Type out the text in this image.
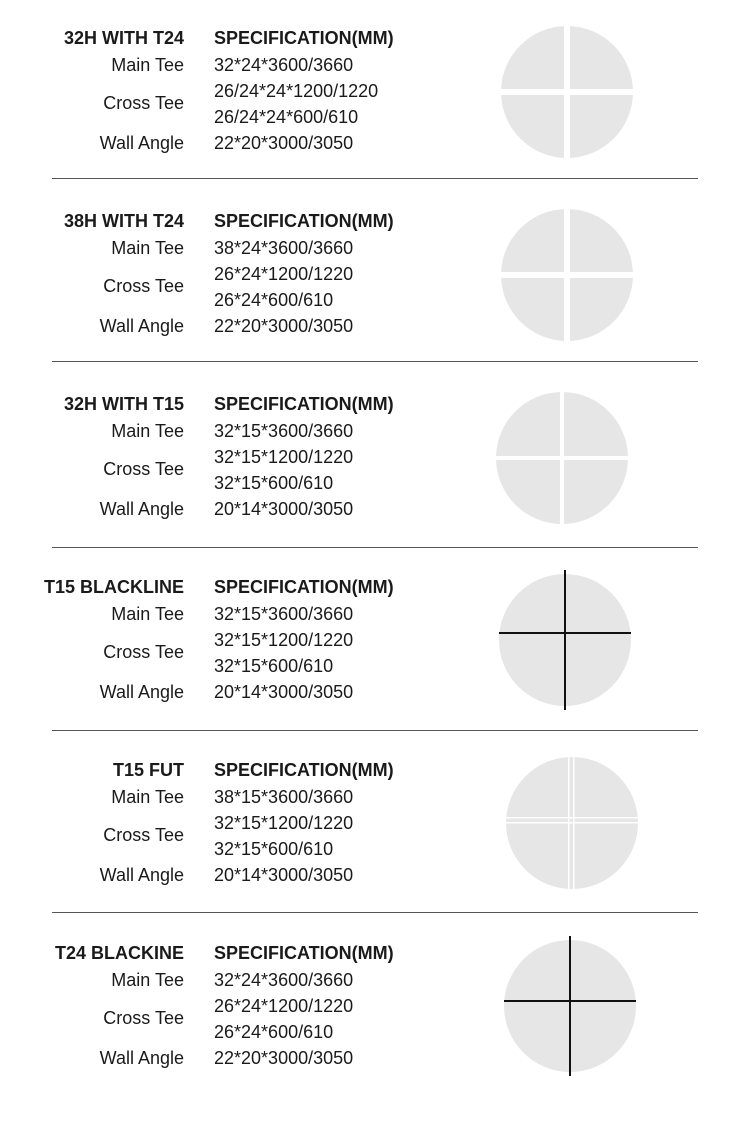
32H WITH T24 SPECIFICATION(MM)
Main Tee 32*24*3600/3660
Cross Tee
26/24*24*1200/1220
26/24*24*600/610
Wall Angle 22*20*3000/3050
38H WITH T24 SPECIFICATION(MM)
Main Tee 38*24*3600/3660
Cross Tee
26*24*1200/1220
26*24*600/610
Wall Angle 22*20*3000/3050
32H WITH T15 SPECIFICATION(MM)
Main Tee 32*15*3600/3660
Cross Tee
32*15*1200/1220
32*15*600/610
Wall Angle 20*14*3000/3050
T15 BLACKLINE SPECIFICATION(MM)
Main Tee 32*15*3600/3660
Cross Tee
32*15*1200/1220
32*15*600/610
Wall Angle 20*14*3000/3050
T15 FUT SPECIFICATION(MM)
Main Tee 38*15*3600/3660
Cross Tee
32*15*1200/1220
32*15*600/610
Wall Angle 20*14*3000/3050
T24 BLACKINE SPECIFICATION(MM)
Main Tee 32*24*3600/3660
Cross Tee
26*24*1200/1220
26*24*600/610
Wall Angle 22*20*3000/3050
